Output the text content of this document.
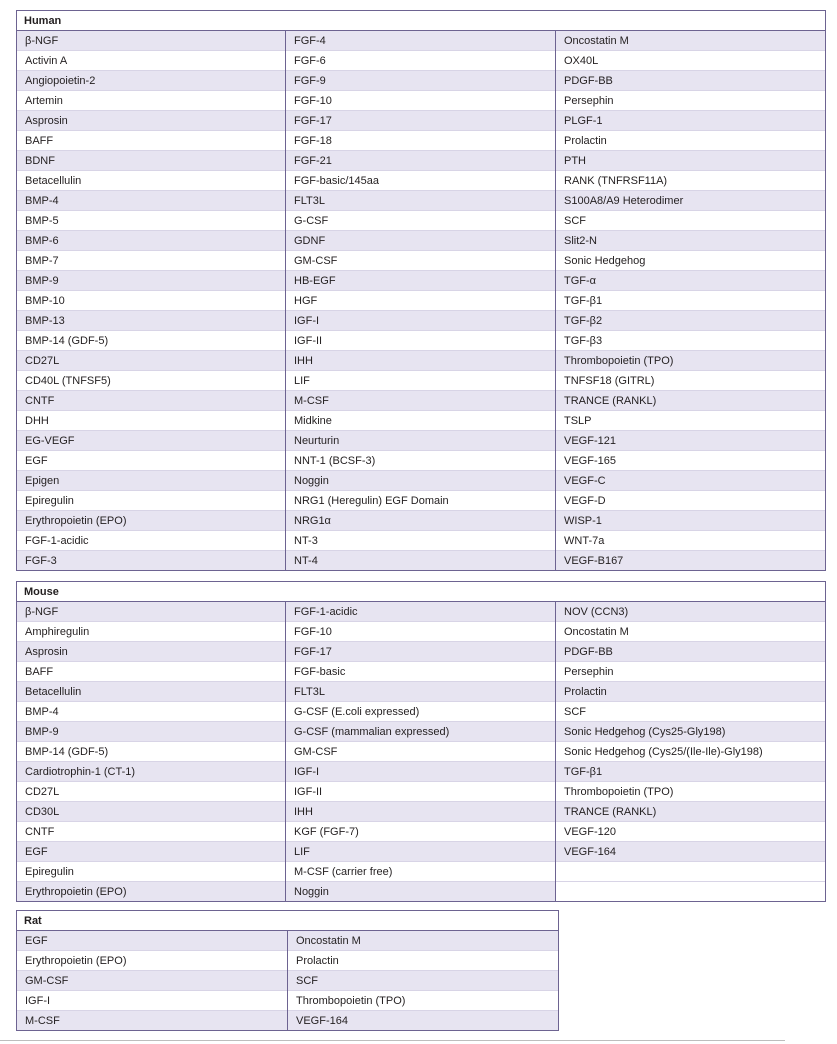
Human		
β-NGF	FGF-4	Oncostatin M
Activin A	FGF-6	OX40L
Angiopoietin-2	FGF-9	PDGF-BB
Artemin	FGF-10	Persephin
Asprosin	FGF-17	PLGF-1
BAFF	FGF-18	Prolactin
BDNF	FGF-21	PTH
Betacellulin	FGF-basic/145aa	RANK (TNFRSF11A)
BMP-4	FLT3L	S100A8/A9 Heterodimer
BMP-5	G-CSF	SCF
BMP-6	GDNF	Slit2-N
BMP-7	GM-CSF	Sonic Hedgehog
BMP-9	HB-EGF	TGF-α
BMP-10	HGF	TGF-β1
BMP-13	IGF-I	TGF-β2
BMP-14 (GDF-5)	IGF-II	TGF-β3
CD27L	IHH	Thrombopoietin (TPO)
CD40L (TNFSF5)	LIF	TNFSF18 (GITRL)
CNTF	M-CSF	TRANCE (RANKL)
DHH	Midkine	TSLP
EG-VEGF	Neurturin	VEGF-121
EGF	NNT-1 (BCSF-3)	VEGF-165
Epigen	Noggin	VEGF-C
Epiregulin	NRG1 (Heregulin) EGF Domain	VEGF-D
Erythropoietin (EPO)	NRG1α	WISP-1
FGF-1-acidic	NT-3	WNT-7a
FGF-3	NT-4	VEGF-B167
Mouse		
β-NGF	FGF-1-acidic	NOV (CCN3)
Amphiregulin	FGF-10	Oncostatin M
Asprosin	FGF-17	PDGF-BB
BAFF	FGF-basic	Persephin
Betacellulin	FLT3L	Prolactin
BMP-4	G-CSF (E.coli expressed)	SCF
BMP-9	G-CSF (mammalian expressed)	Sonic Hedgehog (Cys25-Gly198)
BMP-14 (GDF-5)	GM-CSF	Sonic Hedgehog (Cys25/(Ile-Ile)-Gly198)
Cardiotrophin-1 (CT-1)	IGF-I	TGF-β1
CD27L	IGF-II	Thrombopoietin (TPO)
CD30L	IHH	TRANCE (RANKL)
CNTF	KGF (FGF-7)	VEGF-120
EGF	LIF	VEGF-164
Epiregulin	M-CSF (carrier free)	
Erythropoietin (EPO)	Noggin	
Rat	
EGF	Oncostatin M
Erythropoietin (EPO)	Prolactin
GM-CSF	SCF
IGF-I	Thrombopoietin (TPO)
M-CSF	VEGF-164
